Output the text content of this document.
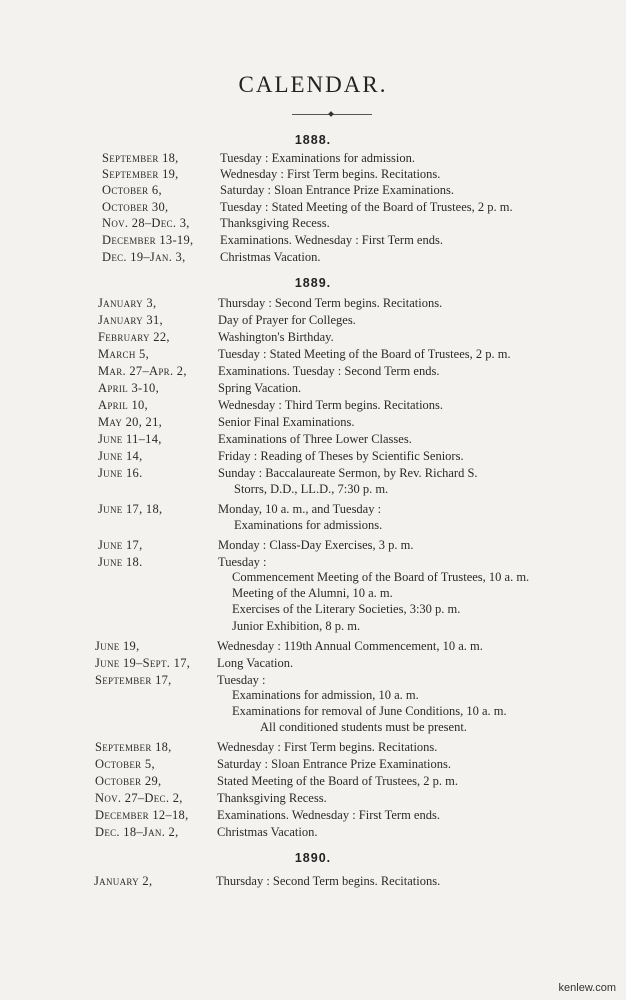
CALENDAR.
1888.
September 18,	Tuesday : Examinations for admission.
September 19,	Wednesday : First Term begins. Recitations.
October 6,	Saturday : Sloan Entrance Prize Examinations.
October 30,	Tuesday : Stated Meeting of the Board of Trustees, 2 p. m.
Nov. 28–Dec. 3, Thanksgiving Recess.
December 13-19, Examinations. Wednesday : First Term ends.
Dec. 19–Jan. 3,	Christmas Vacation.
1889.
January 3,	Thursday : Second Term begins. Recitations.
January 31,	Day of Prayer for Colleges.
February 22,	Washington's Birthday.
March 5,	Tuesday : Stated Meeting of the Board of Trustees, 2 p. m.
Mar. 27–Apr. 2, Examinations. Tuesday : Second Term ends.
April 3-10,	Spring Vacation.
April 10,	Wednesday : Third Term begins. Recitations.
May 20, 21,	Senior Final Examinations.
June 11–14,	Examinations of Three Lower Classes.
June 14,	Friday : Reading of Theses by Scientific Seniors.
June 16.	Sunday : Baccalaureate Sermon, by Rev. Richard S.
Storrs, D.D., LL.D., 7:30 p. m.
June 17, 18,	Monday, 10 a. m., and Tuesday :
Examinations for admissions.
June 17,	Monday : Class-Day Exercises, 3 p. m.
June 18.	Tuesday :
Commencement Meeting of the Board of Trustees, 10 a. m.
Meeting of the Alumni, 10 a. m.
Exercises of the Literary Societies, 3:30 p. m.
Junior Exhibition, 8 p. m.
June 19,	Wednesday : 119th Annual Commencement, 10 a. m.
June 19–Sept. 17, Long Vacation.
September 17,	Tuesday :
Examinations for admission, 10 a. m.
Examinations for removal of June Conditions, 10 a. m.
All conditioned students must be present.
September 18,	Wednesday : First Term begins. Recitations.
October 5,	Saturday : Sloan Entrance Prize Examinations.
October 29,	Stated Meeting of the Board of Trustees, 2 p. m.
Nov. 27–Dec. 2,	Thanksgiving Recess.
December 12–18, Examinations. Wednesday : First Term ends.
Dec. 18–Jan. 2,	Christmas Vacation.
1890.
January 2,	Thursday : Second Term begins. Recitations.
kenlew.com
